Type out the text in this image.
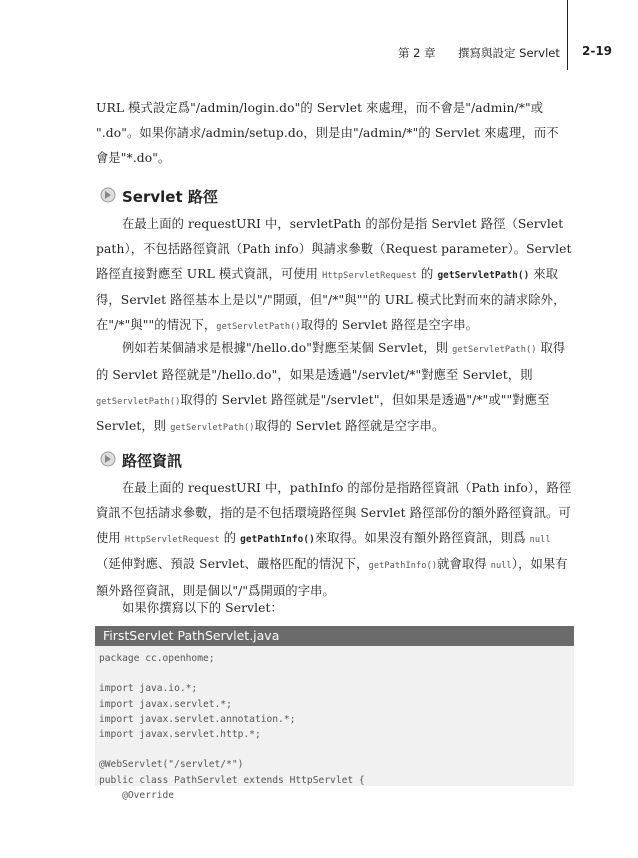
第 2 章 撰寫與設定 Servlet 2-19

URL 模式設定爲"/admin/login.do"的 Servlet 來處理，而不會是"/admin/*"或

".do"。如果你請求/admin/setup.do，則是由"/admin/*"的 Servlet 來處理，而不

會是"*.do"。

Servlet 路徑

在最上面的 requestURI 中，servletPath 的部份是指 Servlet 路徑（Servlet path），不包括路徑資訊（Path info）與請求參數（Request parameter）。Servlet 路徑直接對應至 URL 模式資訊，可使用 HttpServletRequest 的 getServletPath() 來取得，Servlet 路徑基本上是以"/"開頭，但"/*"與""的 URL 模式比對而來的請求除外，在"/*"與""的情況下，getServletPath()取得的 Servlet 路徑是空字串。

例如若某個請求是根據"/hello.do"對應至某個 Servlet，則 getServletPath() 取得的 Servlet 路徑就是"/hello.do"，如果是透過"/servlet/*"對應至 Servlet，則 getServletPath()取得的 Servlet 路徑就是"/servlet"，但如果是透過"/*"或""對應至 Servlet，則 getServletPath()取得的 Servlet 路徑就是空字串。

路徑資訊

在最上面的 requestURI 中，pathInfo 的部份是指路徑資訊（Path info），路徑資訊不包括請求參數，指的是不包括環境路徑與 Servlet 路徑部份的額外路徑資訊。可使用 HttpServletRequest 的 getPathInfo()來取得。如果沒有額外路徑資訊，則爲 null（延伸對應、預設 Servlet、嚴格匹配的情況下，getPathInfo()就會取得 null），如果有額外路徑資訊，則是個以"/"爲開頭的字串。

如果你撰寫以下的 Servlet：

FirstServlet PathServlet.java
package cc.openhome;

import java.io.*;
import javax.servlet.*;
import javax.servlet.annotation.*;
import javax.servlet.http.*;

@WebServlet("/servlet/*")
public class PathServlet extends HttpServlet {
@Override
